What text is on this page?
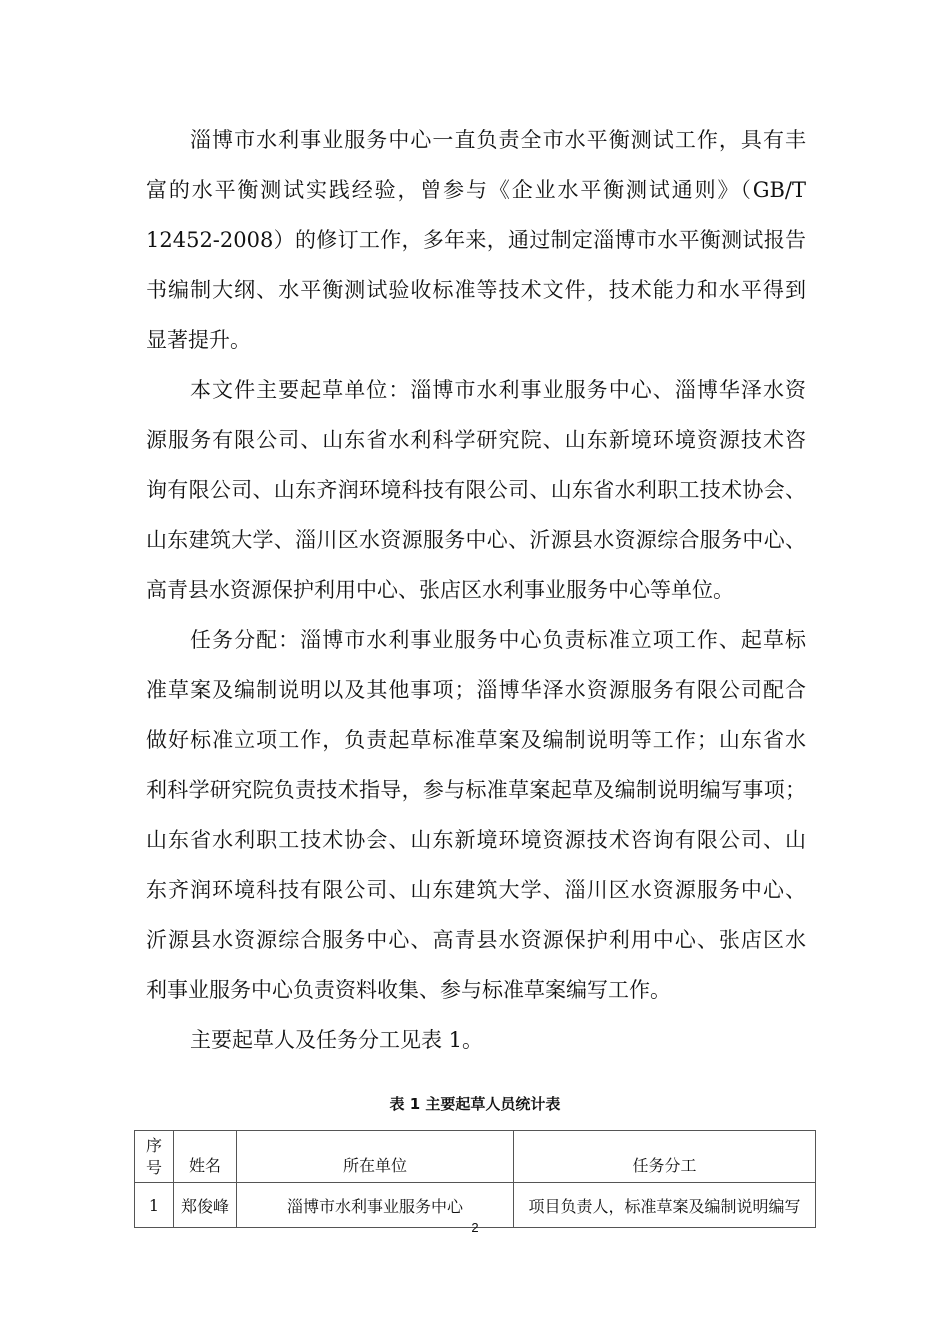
淄博市水利事业服务中心一直负责全市水平衡测试工作，具有丰
富的水平衡测试实践经验，曾参与《企业水平衡测试通则》（GB/T
12452-2008）的修订工作，多年来，通过制定淄博市水平衡测试报告
书编制大纲、水平衡测试验收标准等技术文件，技术能力和水平得到
显著提升。
本文件主要起草单位：淄博市水利事业服务中心、淄博华泽水资
源服务有限公司、山东省水利科学研究院、山东新境环境资源技术咨
询有限公司、山东齐润环境科技有限公司、山东省水利职工技术协会、
山东建筑大学、淄川区水资源服务中心、沂源县水资源综合服务中心、
高青县水资源保护利用中心、张店区水利事业服务中心等单位。
任务分配：淄博市水利事业服务中心负责标准立项工作、起草标
准草案及编制说明以及其他事项；淄博华泽水资源服务有限公司配合
做好标准立项工作，负责起草标准草案及编制说明等工作；山东省水
利科学研究院负责技术指导，参与标准草案起草及编制说明编写事项；
山东省水利职工技术协会、山东新境环境资源技术咨询有限公司、山
东齐润环境科技有限公司、山东建筑大学、淄川区水资源服务中心、
沂源县水资源综合服务中心、高青县水资源保护利用中心、张店区水
利事业服务中心负责资料收集、参与标准草案编写工作。
主要起草人及任务分工见表 1。
表 1 主要起草人员统计表
序
号	姓名	所在单位	任务分工
1	郑俊峰	淄博市水利事业服务中心	项目负责人，标准草案及编制说明编写
2
